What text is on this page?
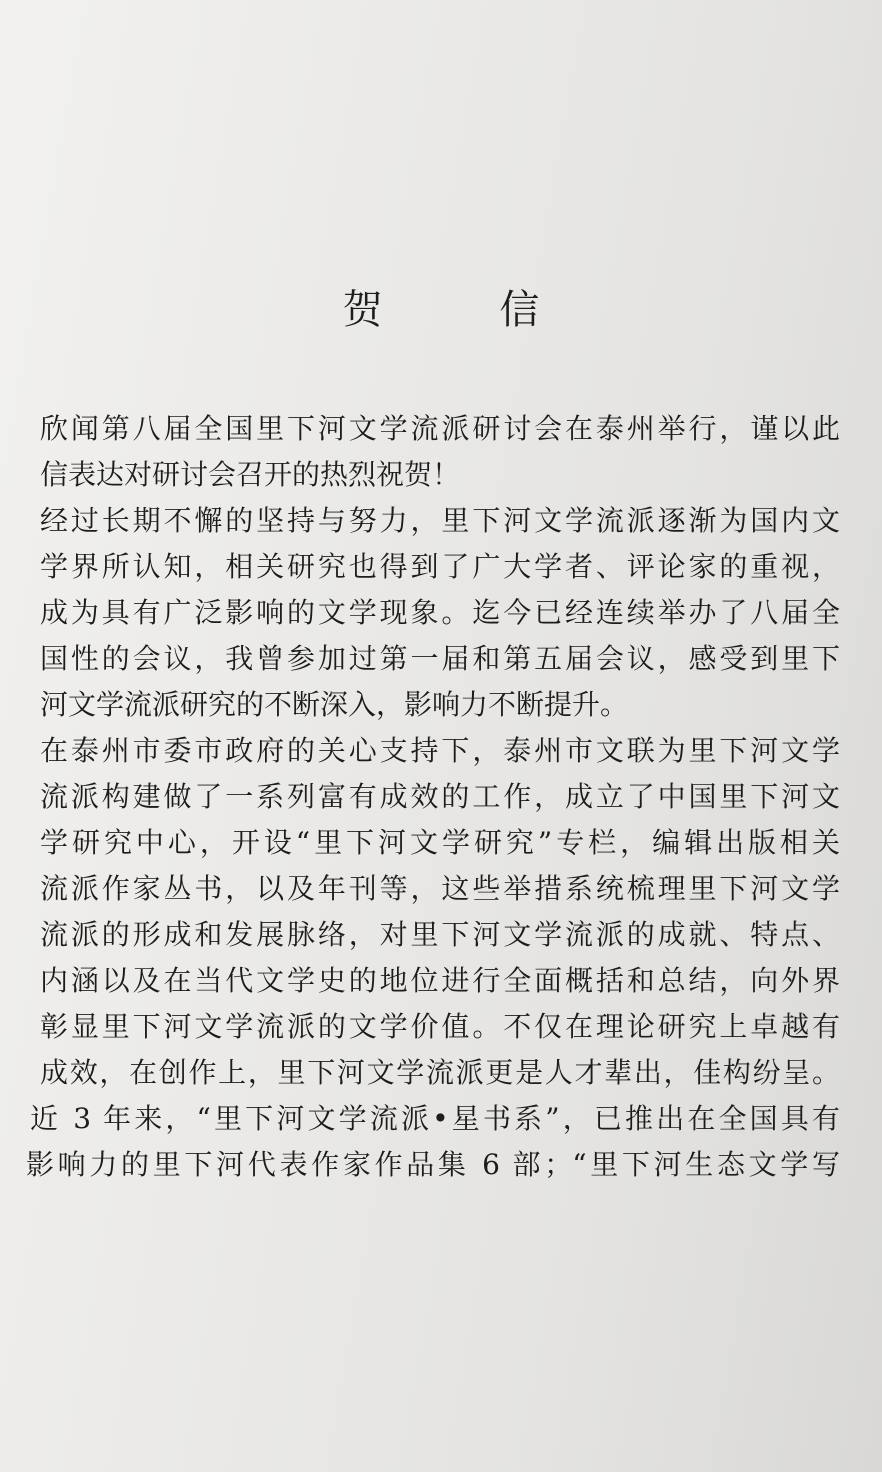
贺 信
欣闻第八届全国里下河文学流派研讨会在泰州举行，谨以此
信表达对研讨会召开的热烈祝贺！
经过长期不懈的坚持与努力，里下河文学流派逐渐为国内文
学界所认知，相关研究也得到了广大学者、评论家的重视，
成为具有广泛影响的文学现象。迄今已经连续举办了八届全
国性的会议，我曾参加过第一届和第五届会议，感受到里下
河文学流派研究的不断深入，影响力不断提升。
在泰州市委市政府的关心支持下，泰州市文联为里下河文学
流派构建做了一系列富有成效的工作，成立了中国里下河文
学研究中心，开设“里下河文学研究”专栏，编辑出版相关
流派作家丛书，以及年刊等，这些举措系统梳理里下河文学
流派的形成和发展脉络，对里下河文学流派的成就、特点、
内涵以及在当代文学史的地位进行全面概括和总结，向外界
彰显里下河文学流派的文学价值。不仅在理论研究上卓越有
成效，在创作上，里下河文学流派更是人才辈出，佳构纷呈。
近 3 年来，“里下河文学流派•星书系”，已推出在全国具有
影响力的里下河代表作家作品集 6 部；“里下河生态文学写
